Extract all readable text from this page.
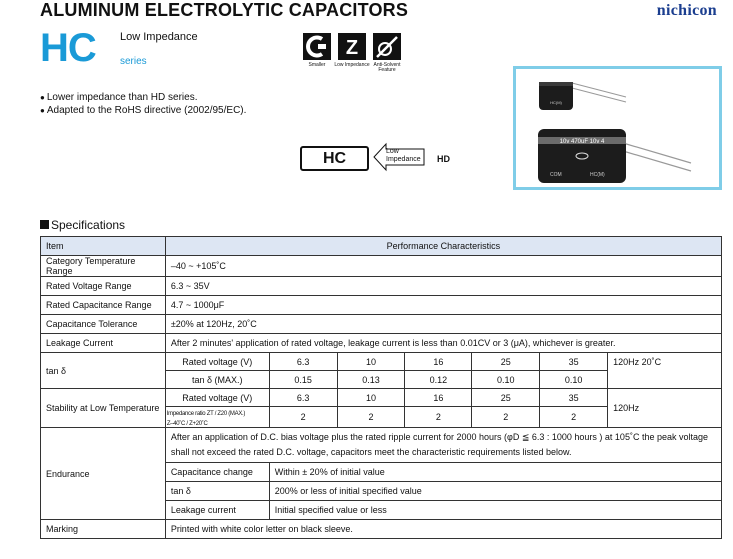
ALUMINUM ELECTROLYTIC CAPACITORS	nichicon
HC Low Impedance
series	Smaller
Z
Low Impedance Anti-Solvent
Feature
● Lower impedance than HD series.
● Adapted to the RoHS directive (2002/95/EC).
HC(M)
10v 470uF 10v 4
COM	HC(M)
HC	Low
Impedance HD
Specifications
Item	Performance Characteristics						
Category Temperature Range	–40 ~ +105˚C						
Rated Voltage Range	6.3 ~ 35V						
Rated Capacitance Range	4.7 ~ 1000μF						
Capacitance Tolerance	±20% at 120Hz, 20˚C						
Leakage Current	After 2 minutes' application of rated voltage, leakage current is less than 0.01CV or 3 (μA), whichever is greater.						
tan δ	Rated voltage (V)	6.3	10	16	25	35	120Hz 20˚C
	tan δ (MAX.)	0.15	0.13	0.12	0.10	0.10	
Stability at Low Temperature	Rated voltage (V)	6.3	10	16	25	35	120Hz
	Impedance ratio ZT / Z20 (MAX.) Z–40˚C / Z+20˚C	2	2	2	2	2	
Endurance	After an application of D.C. bias voltage plus the rated ripple current for 2000 hours (φD ≦ 6.3 : 1000 hours ) at 105˚C the peak voltage shall not exceed the rated D.C. voltage, capacitors meet the characteristic requirements listed below.						
	Capacitance change	Within ± 20% of initial value					
	tan δ	200% or less of initial specified value					
	Leakage current	Initial specified value or less					
Marking	Printed with white color letter on black sleeve.						
